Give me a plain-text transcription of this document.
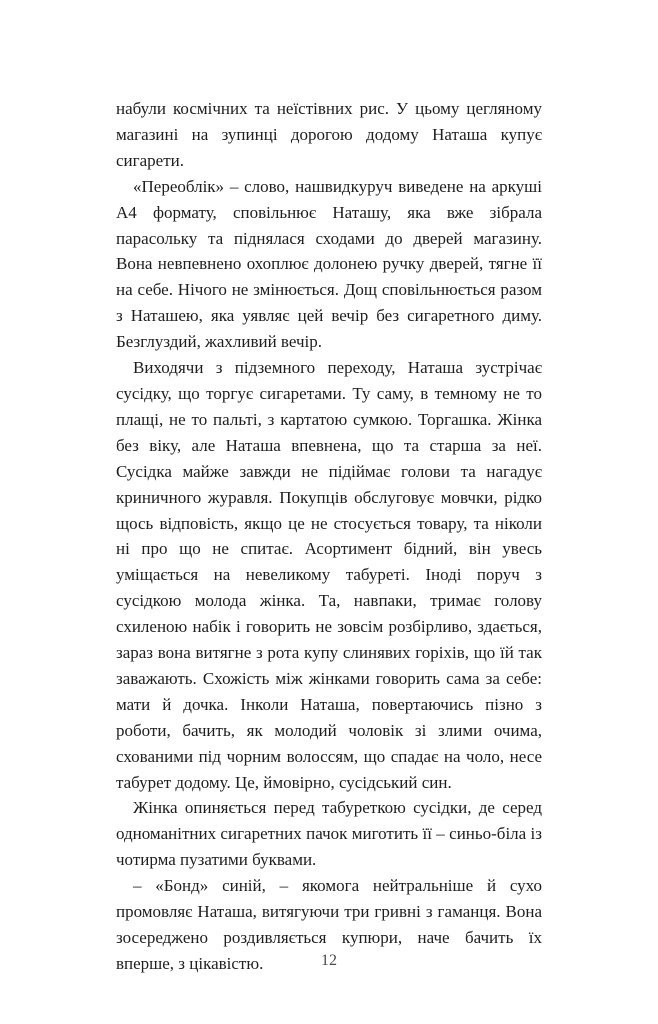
набули космічних та неїстівних рис. У цьому цегляному магазині на зупинці дорогою додому Наташа купує сигарети.

«Переоблік» – слово, нашвидкуруч виведене на аркуші А4 формату, сповільнює Наташу, яка вже зібрала парасольку та піднялася сходами до дверей магазину. Вона невпевнено охоплює долонею ручку дверей, тягне її на себе. Нічого не змінюється. Дощ сповільнюється разом з Наташею, яка уявляє цей вечір без сигаретного диму. Безглуздий, жахливий вечір.

Виходячи з підземного переходу, Наташа зустрічає сусідку, що торгує сигаретами. Ту саму, в темному не то плащі, не то пальті, з картатою сумкою. Торгашка. Жінка без віку, але Наташа впевнена, що та старша за неї. Сусідка майже завжди не підіймає голови та нагадує криничного журавля. Покупців обслуговує мовчки, рідко щось відповість, якщо це не стосується товару, та ніколи ні про що не спитає. Асортимент бідний, він увесь уміщається на невеликому табуреті. Іноді поруч з сусідкою молода жінка. Та, навпаки, тримає голову схиленою набік і говорить не зовсім розбірливо, здається, зараз вона витягне з рота купу слинявих горіхів, що їй так заважають. Схожість між жінками говорить сама за себе: мати й дочка. Інколи Наташа, повертаючись пізно з роботи, бачить, як молодий чоловік зі злими очима, схованими під чорним волоссям, що спадає на чоло, несе табурет додому. Це, ймовірно, сусідський син.

Жінка опиняється перед табуреткою сусідки, де серед одноманітних сигаретних пачок миготить її – синьо-біла із чотирма пузатими буквами.

– «Бонд» синій, – якомога нейтральніше й сухо промовляє Наташа, витягуючи три гривні з гаманця. Вона зосереджено роздивляється купюри, наче бачить їх вперше, з цікавістю.	12
